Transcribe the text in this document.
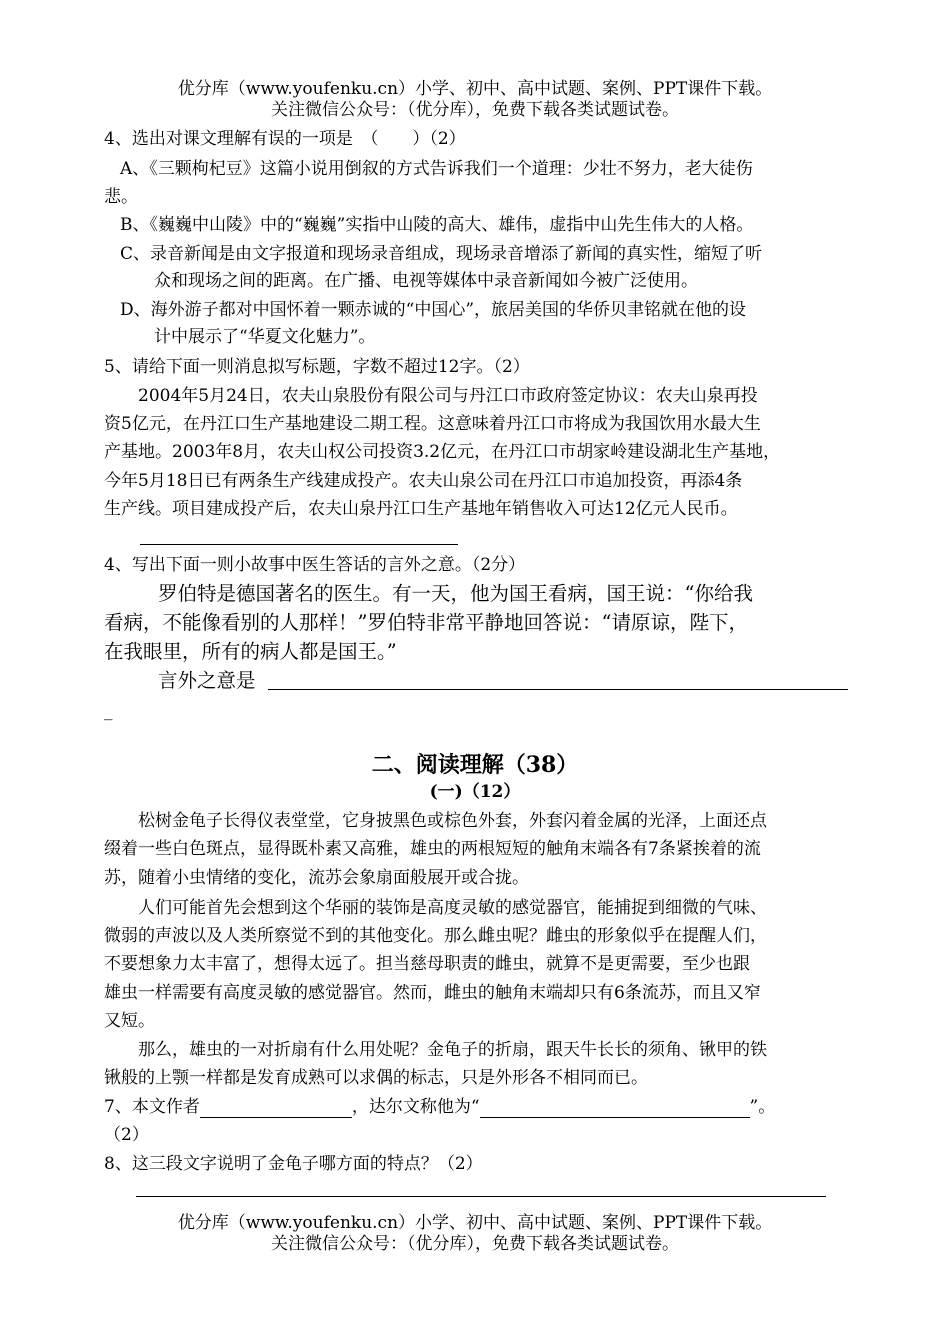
优分库（www.youfenku.cn）小学、初中、高中试题、案例、PPT课件下载。
关注微信公众号：（优分库），免费下载各类试题试卷。
4、选出对课文理解有误的一项是　（　　）（2）
A、《三颗枸杞豆》这篇小说用倒叙的方式告诉我们一个道理：少壮不努力，老大徒伤
悲。
B、《巍巍中山陵》中的“巍巍”实指中山陵的高大、雄伟，虚指中山先生伟大的人格。
C、录音新闻是由文字报道和现场录音组成，现场录音增添了新闻的真实性，缩短了听
众和现场之间的距离。在广播、电视等媒体中录音新闻如今被广泛使用。
D、海外游子都对中国怀着一颗赤诚的“中国心”，旅居美国的华侨贝聿铭就在他的设
计中展示了“华夏文化魅力”。
5、请给下面一则消息拟写标题，字数不超过12字。（2）
2004年5月24日，农夫山泉股份有限公司与丹江口市政府签定协议：农夫山泉再投
资5亿元，在丹江口生产基地建设二期工程。这意味着丹江口市将成为我国饮用水最大生
产基地。2003年8月，农夫山权公司投资3.2亿元，在丹江口市胡家岭建设湖北生产基地，
今年5月18日已有两条生产线建成投产。农夫山泉公司在丹江口市追加投资，再添4条
生产线。项目建成投产后，农夫山泉丹江口生产基地年销售收入可达12亿元人民币。
4、写出下面一则小故事中医生答话的言外之意。（2分）
罗伯特是德国著名的医生。有一天，他为国王看病，国王说：“你给我
看病，不能像看别的人那样！”罗伯特非常平静地回答说：“请原谅，陛下，
在我眼里，所有的病人都是国王。”
言外之意是
_
二、阅读理解（38）
(一)（12）
松树金龟子长得仪表堂堂，它身披黑色或棕色外套，外套闪着金属的光泽，上面还点
缀着一些白色斑点，显得既朴素又高雅，雄虫的两根短短的触角末端各有7条紧挨着的流
苏，随着小虫情绪的变化，流苏会象扇面般展开或合拢。
人们可能首先会想到这个华丽的装饰是高度灵敏的感觉器官，能捕捉到细微的气味、
微弱的声波以及人类所察觉不到的其他变化。那么雌虫呢？雌虫的形象似乎在提醒人们，
不要想象力太丰富了，想得太远了。担当慈母职责的雌虫，就算不是更需要，至少也跟
雄虫一样需要有高度灵敏的感觉器官。然而，雌虫的触角末端却只有6条流苏，而且又窄
又短。
那么，雄虫的一对折扇有什么用处呢？金龟子的折扇，跟天牛长长的须角、锹甲的铁
锹般的上颚一样都是发育成熟可以求偶的标志，只是外形各不相同而已。
7、本文作者	，达尔文称他为“	”。
（2）
8、这三段文字说明了金龟子哪方面的特点？（2）
优分库（www.youfenku.cn）小学、初中、高中试题、案例、PPT课件下载。
关注微信公众号：（优分库），免费下载各类试题试卷。
